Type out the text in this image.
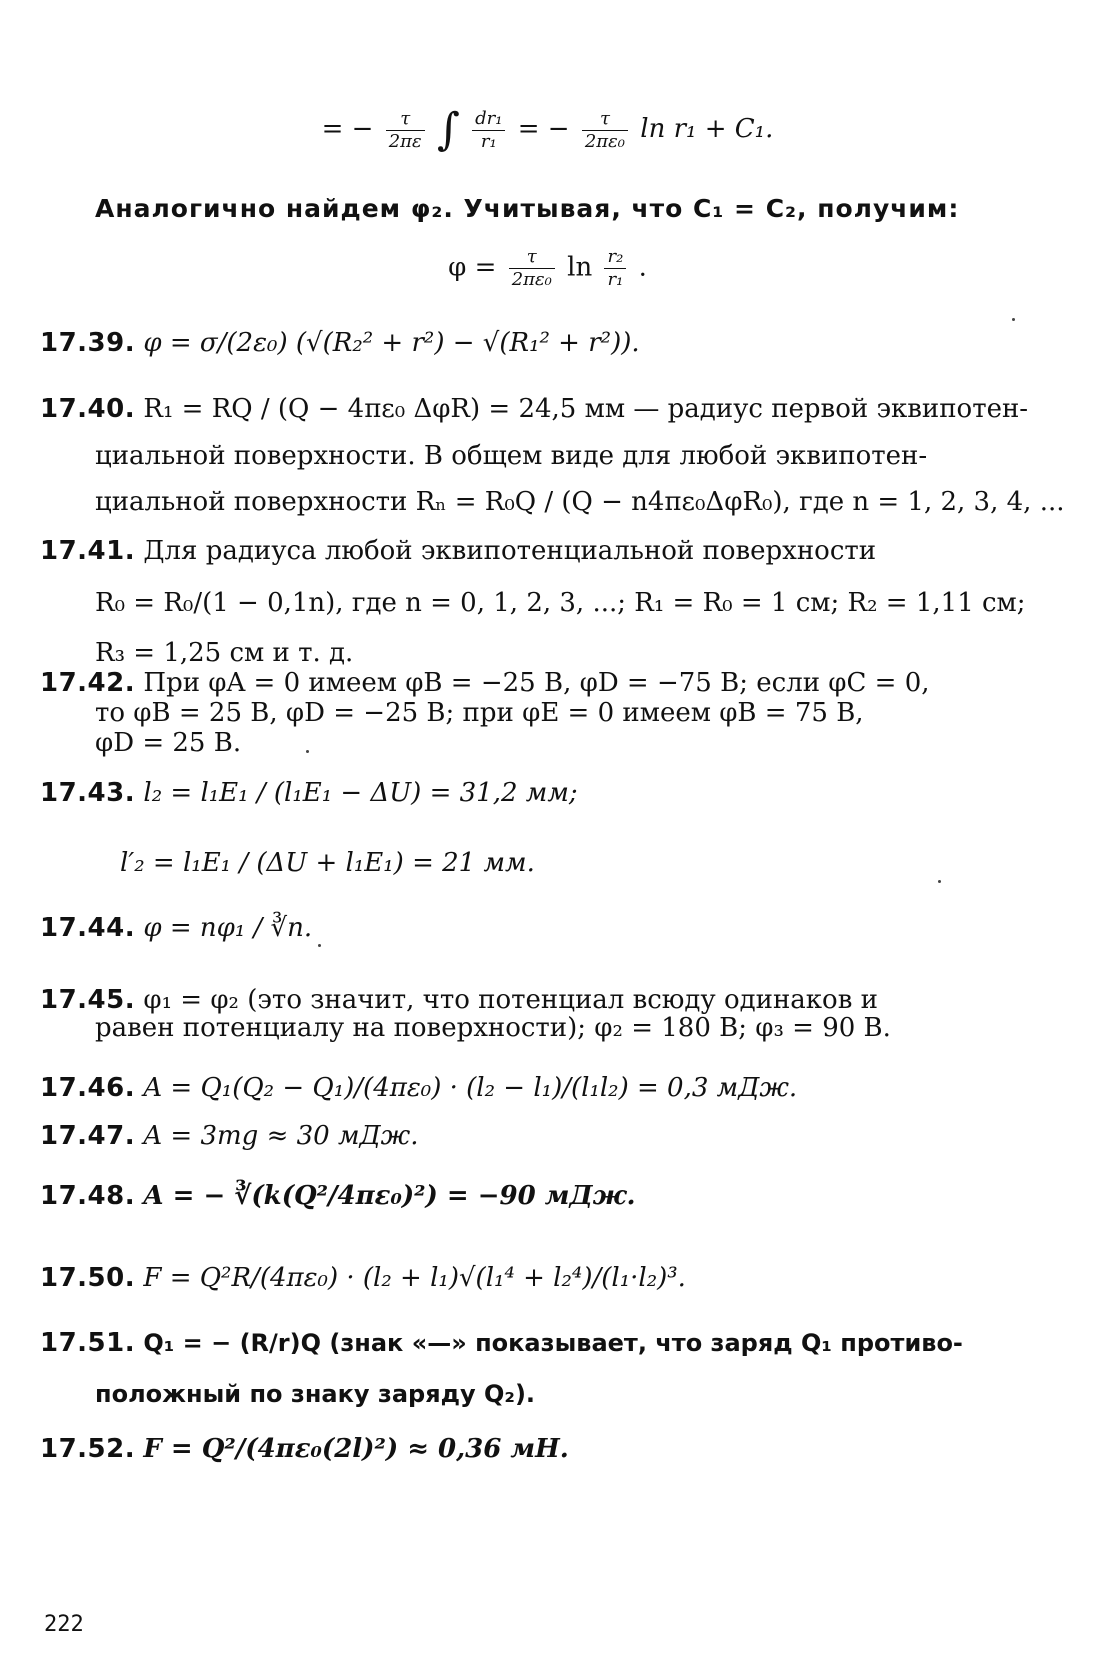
= − $\frac{\tau}{2\pi\varepsilon}$ ∫ $\frac{\text{dr₁}}{\text{r₁}}$ = − $\frac{\tau}{\text{2πε₀}}$ ln r₁ + C₁.
Аналогично найдем φ₂. Учитывая, что C₁ = C₂, получим:
$\varphi = \frac{\tau}{\text{2πε₀}}$ $\ln \frac{\text{r₂}}{\text{r₁}}$ .
17.39. φ = σ/(2ε₀) (√(R₂² + r²) − √(R₁² + r²)).
17.40. R₁ = RQ / (Q − 4πε₀ ΔφR) = 24,5 мм — радиус первой эквипотен-
циальной поверхности. В общем виде для любой эквипотен-
циальной поверхности Rₙ = R₀Q / (Q − n4πε₀ΔφR₀), где n = 1, 2, 3, 4, ...
17.41. Для радиуса любой эквипотенциальной поверхности
R₀ = R₀/(1 − 0,1n), где n = 0, 1, 2, 3, ...; R₁ = R₀ = 1 см; R₂ = 1,11 см;
R₃ = 1,25 см и т. д.
17.42. При φA = 0 имеем φB = −25 В, φD = −75 В; если φC = 0,
то φB = 25 В, φD = −25 В; при φE = 0 имеем φB = 75 В,
φD = 25 В.
17.43. l₂ = l₁E₁ / (l₁E₁ − ΔU) = 31,2 мм;
l′₂ = l₁E₁ / (ΔU + l₁E₁) = 21 мм.
17.44. φ = nφ₁ / ∛n.
17.45. φ₁ = φ₂ (это значит, что потенциал всюду одинаков и
равен потенциалу на поверхности); φ₂ = 180 В; φ₃ = 90 В.
17.46. A = Q₁(Q₂ − Q₁)/(4πε₀) · (l₂ − l₁)/(l₁l₂) = 0,3 мДж.
17.47. A = 3mg ≈ 30 мДж.
17.48. A = − ∛(k(Q²/4πε₀)²) = −90 мДж.
17.50. F = Q²R/(4πε₀) · (l₂ + l₁)√(l₁⁴ + l₂⁴)/(l₁·l₂)³.
17.51. Q₁ = − (R/r)Q (знак «—» показывает, что заряд Q₁ противо-
положный по знаку заряду Q₂).
17.52. F = Q²/(4πε₀(2l)²) ≈ 0,36 мН.
222
